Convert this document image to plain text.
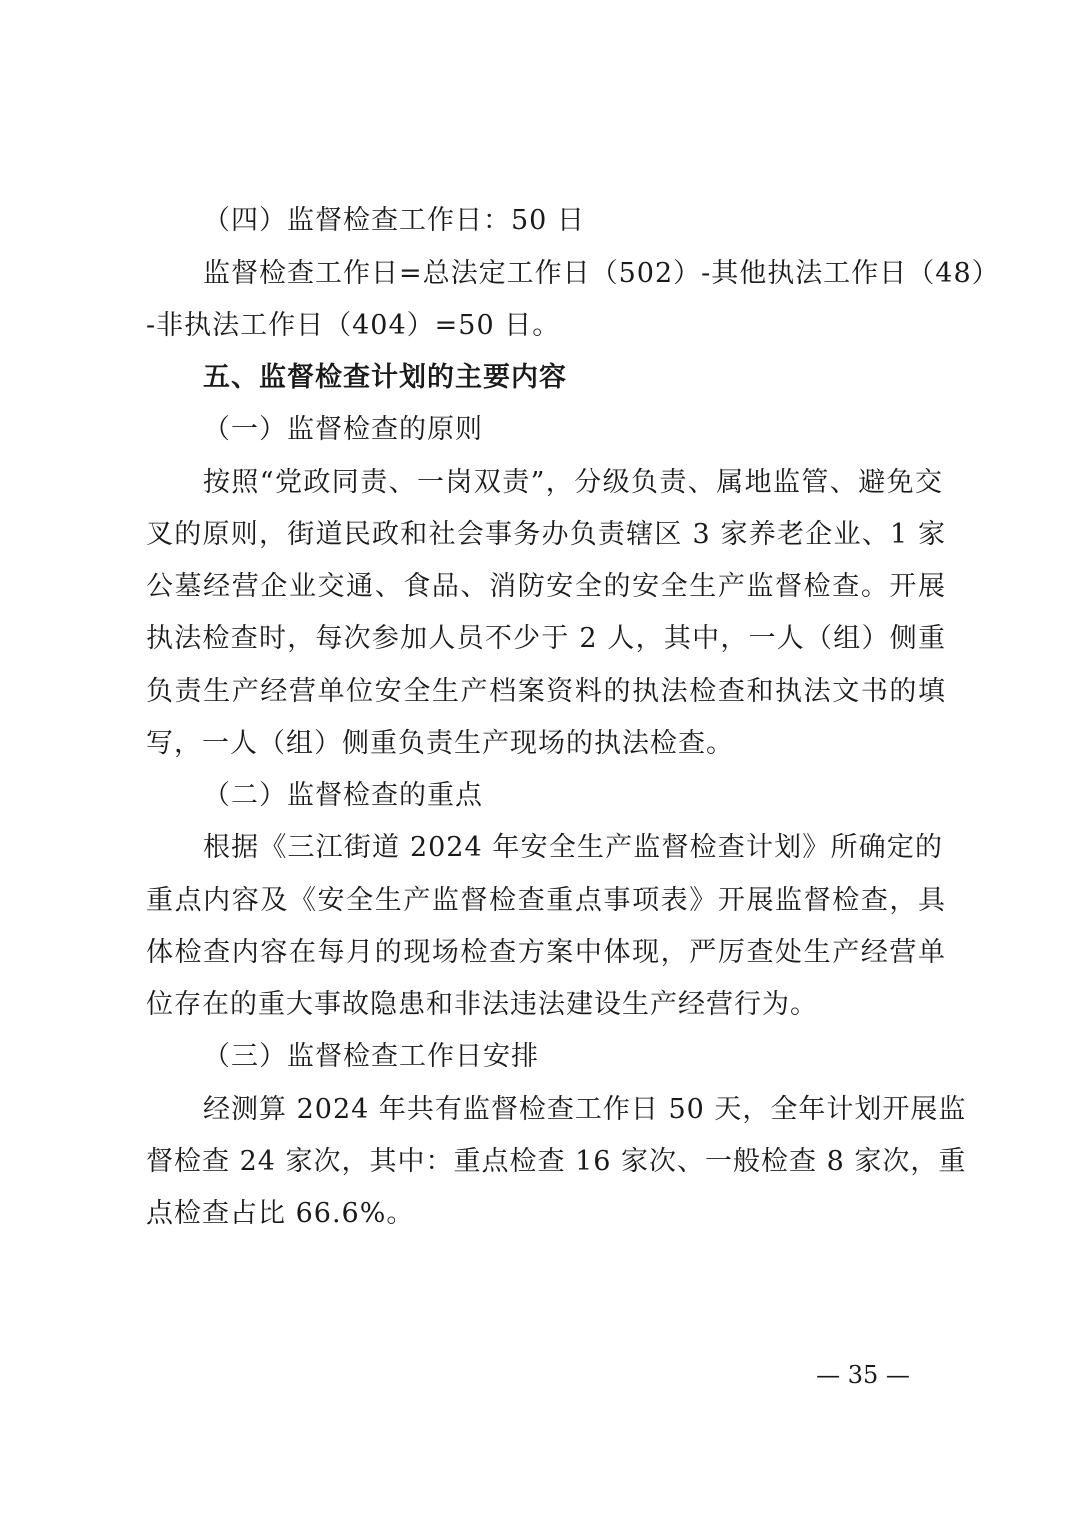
（四）监督检查工作日：50 日
监督检查工作日=总法定工作日（502）-其他执法工作日（48）
-非执法工作日（404）=50 日。
五、监督检查计划的主要内容
（一）监督检查的原则
按照“党政同责、一岗双责”，分级负责、属地监管、避免交
叉的原则，街道民政和社会事务办负责辖区 3 家养老企业、1 家
公墓经营企业交通、食品、消防安全的安全生产监督检查。开展
执法检查时，每次参加人员不少于 2 人，其中，一人（组）侧重
负责生产经营单位安全生产档案资料的执法检查和执法文书的填
写，一人（组）侧重负责生产现场的执法检查。
（二）监督检查的重点
根据《三江街道 2024 年安全生产监督检查计划》所确定的
重点内容及《安全生产监督检查重点事项表》开展监督检查，具
体检查内容在每月的现场检查方案中体现，严厉查处生产经营单
位存在的重大事故隐患和非法违法建设生产经营行为。
（三）监督检查工作日安排
经测算 2024 年共有监督检查工作日 50 天，全年计划开展监
督检查 24 家次，其中：重点检查 16 家次、一般检查 8 家次，重
点检查占比 66.6%。
— 35 —
